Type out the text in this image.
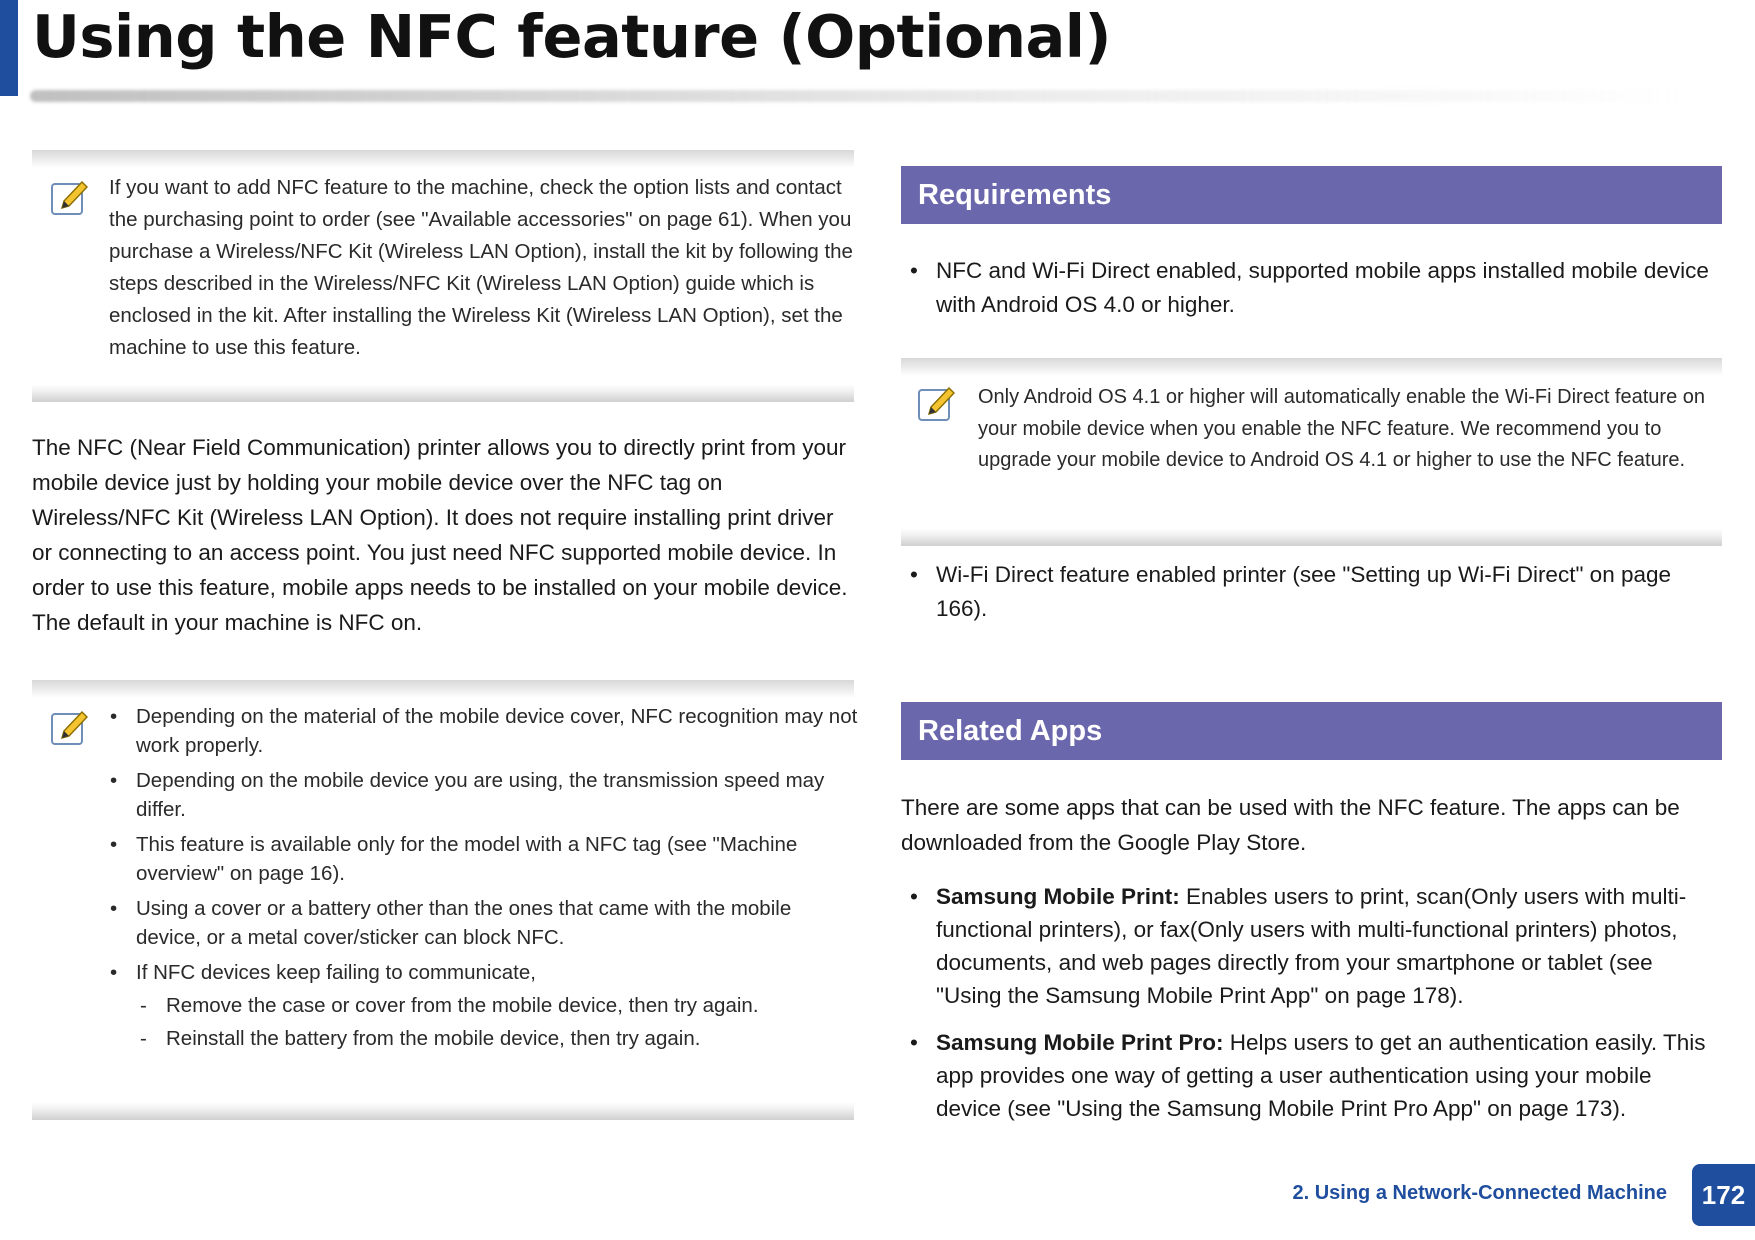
Using the NFC feature (Optional)
If you want to add NFC feature to the machine, check the option lists and contact the purchasing point to order (see "Available accessories" on page 61). When you purchase a Wireless/NFC Kit (Wireless LAN Option), install the kit by following the steps described in the Wireless/NFC Kit (Wireless LAN Option) guide which is enclosed in the kit. After installing the Wireless Kit (Wireless LAN Option), set the machine to use this feature.
The NFC (Near Field Communication) printer allows you to directly print from your mobile device just by holding your mobile device over the NFC tag on Wireless/NFC Kit (Wireless LAN Option). It does not require installing print driver or connecting to an access point. You just need NFC supported mobile device. In order to use this feature, mobile apps needs to be installed on your mobile device. The default in your machine is NFC on.
• Depending on the material of the mobile device cover, NFC recognition may not work properly.
• Depending on the mobile device you are using, the transmission speed may differ.
• This feature is available only for the model with a NFC tag (see "Machine overview" on page 16).
• Using a cover or a battery other than the ones that came with the mobile device, or a metal cover/sticker can block NFC.
• If NFC devices keep failing to communicate,
- Remove the case or cover from the mobile device, then try again.
- Reinstall the battery from the mobile device, then try again.
Requirements
• NFC and Wi-Fi Direct enabled, supported mobile apps installed mobile device with Android OS 4.0 or higher.
Only Android OS 4.1 or higher will automatically enable the Wi-Fi Direct feature on your mobile device when you enable the NFC feature. We recommend you to upgrade your mobile device to Android OS 4.1 or higher to use the NFC feature.
• Wi-Fi Direct feature enabled printer (see "Setting up Wi-Fi Direct" on page 166).
Related Apps
There are some apps that can be used with the NFC feature. The apps can be downloaded from the Google Play Store.
• Samsung Mobile Print: Enables users to print, scan(Only users with multi-functional printers), or fax(Only users with multi-functional printers) photos, documents, and web pages directly from your smartphone or tablet (see "Using the Samsung Mobile Print App" on page 178).
• Samsung Mobile Print Pro: Helps users to get an authentication easily. This app provides one way of getting a user authentication using your mobile device (see "Using the Samsung Mobile Print Pro App" on page 173).
2. Using a Network-Connected Machine	172
